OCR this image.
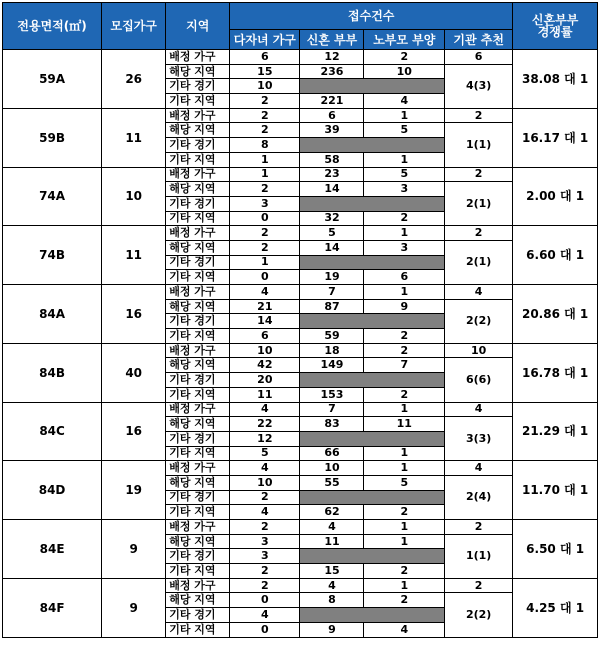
전용면적(㎡)	모집가구	지역	접수건수				신혼부부
경쟁률
			다자녀 가구	신혼 부부	노부모 부양	기관 추천	
59A	26	배정 가구	6	12	2	6	38.08 대 1
		해당 지역	15	236	10	4(3)	
		기타 경기	10				
		기타 지역	2	221	4		
59B	11	배정 가구	2	6	1	2	16.17 대 1
		해당 지역	2	39	5	1(1)	
		기타 경기	8				
		기타 지역	1	58	1		
74A	10	배정 가구	1	23	5	2	2.00 대 1
		해당 지역	2	14	3	2(1)	
		기타 경기	3				
		기타 지역	0	32	2		
74B	11	배정 가구	2	5	1	2	6.60 대 1
		해당 지역	2	14	3	2(1)	
		기타 경기	1				
		기타 지역	0	19	6		
84A	16	배정 가구	4	7	1	4	20.86 대 1
		해당 지역	21	87	9	2(2)	
		기타 경기	14				
		기타 지역	6	59	2		
84B	40	배정 가구	10	18	2	10	16.78 대 1
		해당 지역	42	149	7	6(6)	
		기타 경기	20				
		기타 지역	11	153	2		
84C	16	배정 가구	4	7	1	4	21.29 대 1
		해당 지역	22	83	11	3(3)	
		기타 경기	12				
		기타 지역	5	66	1		
84D	19	배정 가구	4	10	1	4	11.70 대 1
		해당 지역	10	55	5	2(4)	
		기타 경기	2				
		기타 지역	4	62	2		
84E	9	배정 가구	2	4	1	2	6.50 대 1
		해당 지역	3	11	1	1(1)	
		기타 경기	3				
		기타 지역	2	15	2		
84F	9	배정 가구	2	4	1	2	4.25 대 1
		해당 지역	0	8	2	2(2)	
		기타 경기	4				
		기타 지역	0	9	4		
